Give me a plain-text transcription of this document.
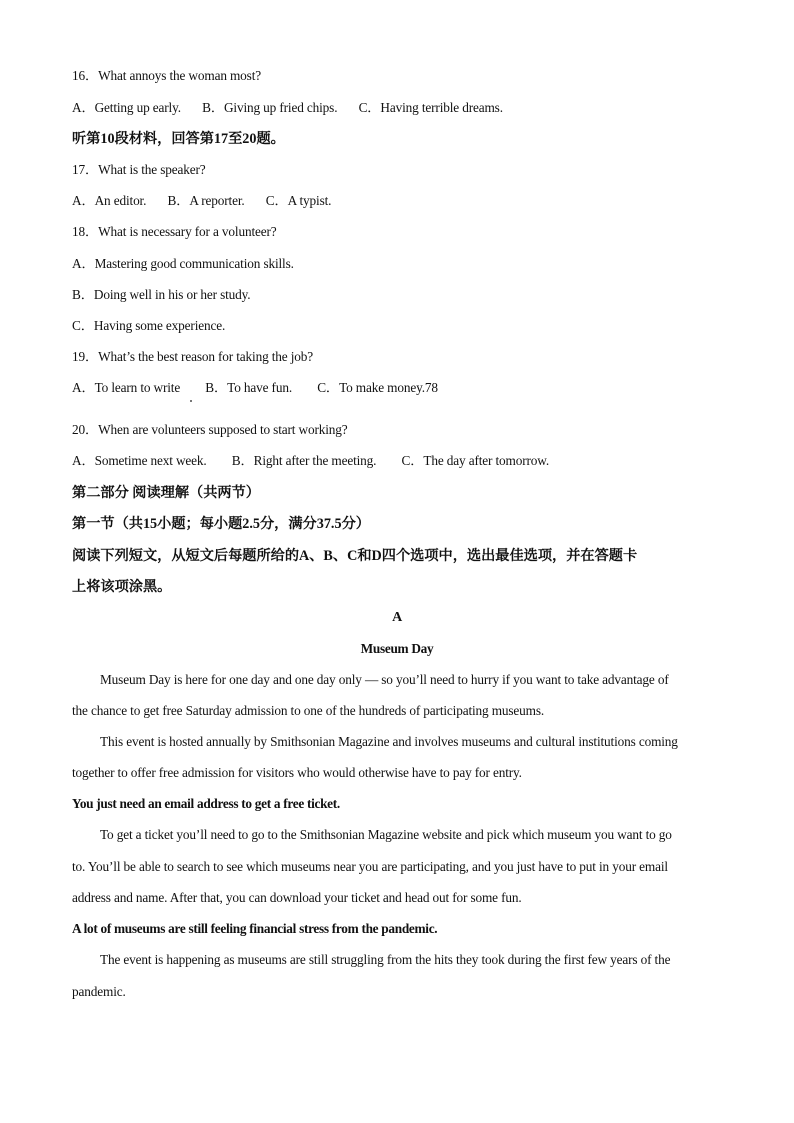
16．What annoys the woman most?
A．Getting up early. B．Giving up fried chips. C．Having terrible dreams.
听第10段材料，回答第17至20题。
17．What is the speaker?
A．An editor. B．A reporter. C．A typist.
18．What is necessary for a volunteer?
A．Mastering good communication skills.
B．Doing well in his or her study.
C．Having some experience.
19．What’s the best reason for taking the job?
A．To learn to write B．To have fun. C．To make money.78
20．When are volunteers supposed to start working?
A．Sometime next week. B．Right after the meeting. C．The day after tomorrow.
第二部分 阅读理解（共两节）
第一节（共15小题；每小题2.5分，满分37.5分）
阅读下列短文，从短文后每题所给的A、B、C和D四个选项中，选出最佳选项，并在答题卡
上将该项涂黑。
A
Museum Day
Museum Day is here for one day and one day only — so you’ll need to hurry if you want to take advantage of
the chance to get free Saturday admission to one of the hundreds of participating museums.
This event is hosted annually by Smithsonian Magazine and involves museums and cultural institutions coming
together to offer free admission for visitors who would otherwise have to pay for entry.
You just need an email address to get a free ticket.
To get a ticket you’ll need to go to the Smithsonian Magazine website and pick which museum you want to go
to. You’ll be able to search to see which museums near you are participating, and you just have to put in your email
address and name. After that, you can download your ticket and head out for some fun.
A lot of museums are still feeling financial stress from the pandemic.
The event is happening as museums are still struggling from the hits they took during the first few years of the
pandemic.
